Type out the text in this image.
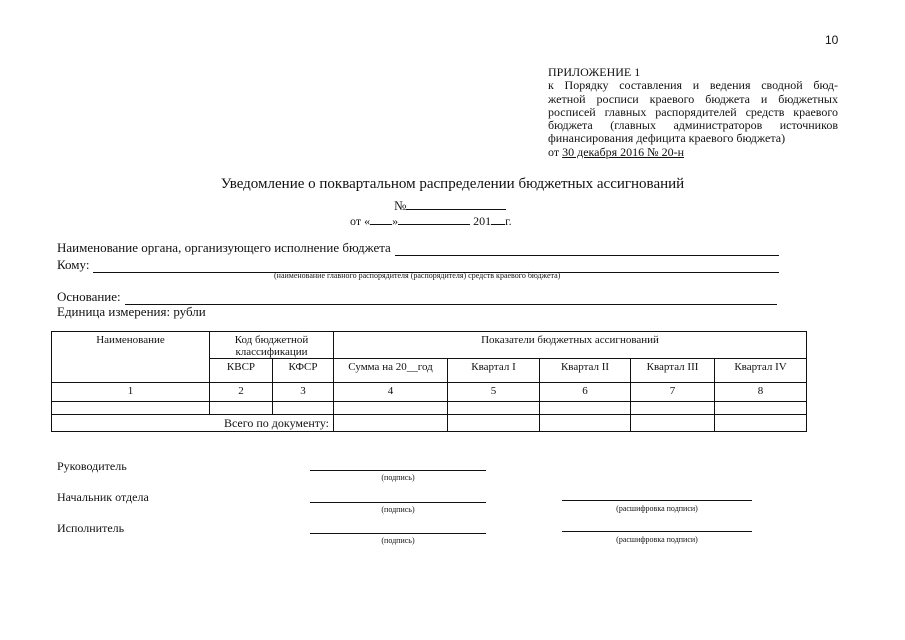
10
ПРИЛОЖЕНИЕ 1
к Порядку составления и ведения сводной бюд-
жетной росписи краевого бюджета и бюджетных
росписей главных распорядителей средств краевого
бюджета (главных администраторов источников
финансирования дефицита краевого бюджета)
от 30 декабря 2016 № 20-н
Уведомление о поквартальном распределении бюджетных ассигнований
№
от « »	201 г.
Наименование органа, организующего исполнение бюджета
Кому:
(наименование главного распорядителя (распорядителя) средств краевого бюджета)
Основание:
Единица измерения: рубли
Наименование	Код бюджетной классификации		Показатели бюджетных ассигнований				
	КВСР	КФСР	Сумма на 20__год	Квартал I	Квартал II	Квартал III	Квартал IV
1	2	3	4	5	6	7	8

Всего по документу:							
Руководитель
(подпись)
Начальник отдела
(подпись)	(расшифровка подписи)
Исполнитель
(подпись)	(расшифровка подписи)
